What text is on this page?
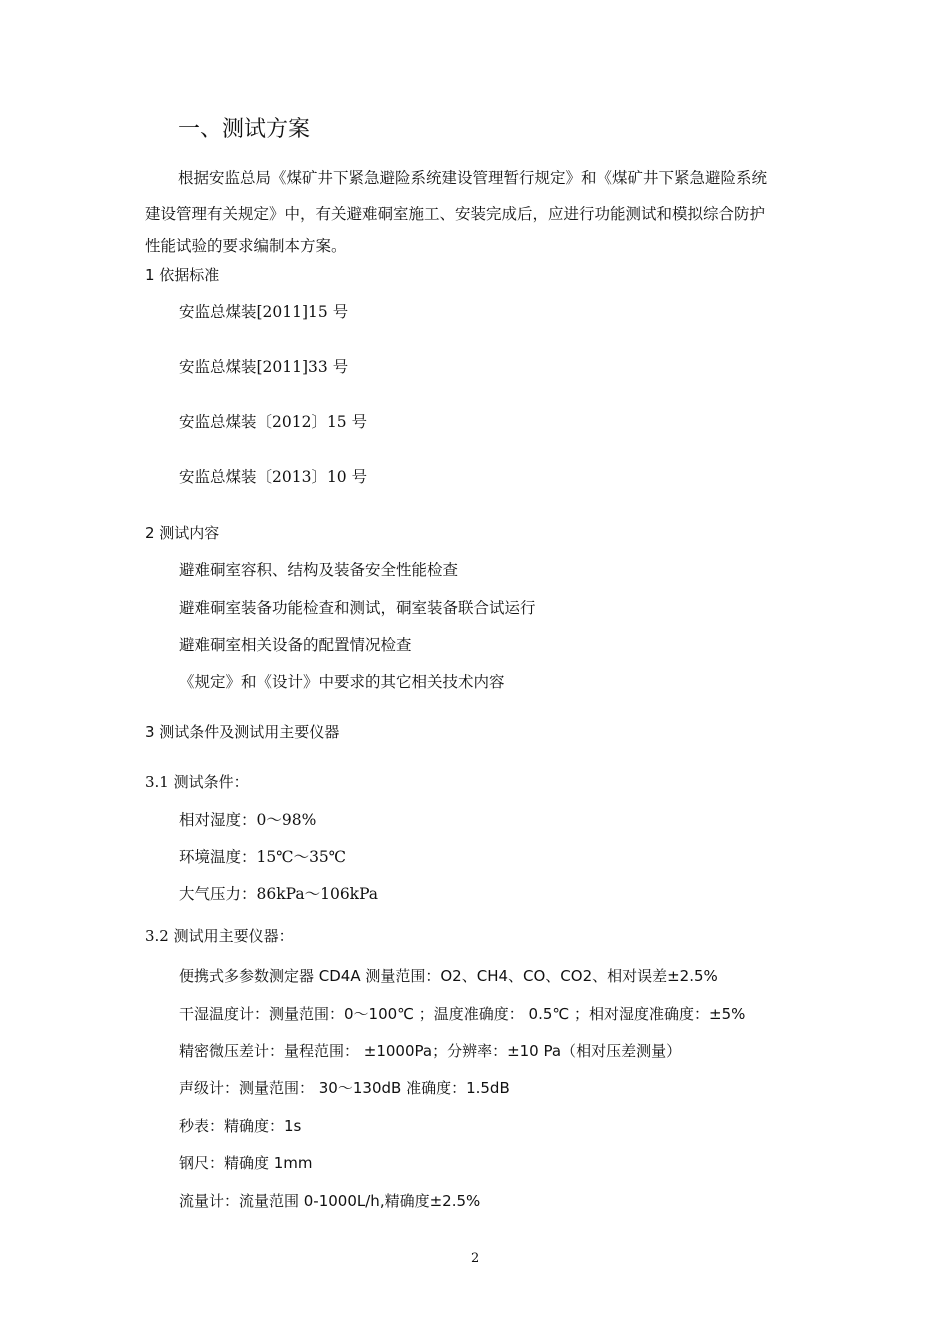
一、测试方案
根据安监总局《煤矿井下紧急避险系统建设管理暂行规定》和《煤矿井下紧急避险系统
建设管理有关规定》中，有关避难硐室施工、安装完成后，应进行功能测试和模拟综合防护
性能试验的要求编制本方案。
1 依据标准
安监总煤装[2011]15 号
安监总煤装[2011]33 号
安监总煤装〔2012〕15 号
安监总煤装〔2013〕10 号
2 测试内容
避难硐室容积、结构及装备安全性能检查
避难硐室装备功能检查和测试，硐室装备联合试运行
避难硐室相关设备的配置情况检查
《规定》和《设计》中要求的其它相关技术内容
3 测试条件及测试用主要仪器
3.1 测试条件：
相对湿度：0～98%
环境温度：15℃～35℃
大气压力：86kPa～106kPa
3.2 测试用主要仪器：
便携式多参数测定器 CD4A 测量范围：O2、CH4、CO、CO2、相对误差±2.5%
干湿温度计：测量范围：0～100℃ ；温度准确度： 0.5℃ ；相对湿度准确度：±5%
精密微压差计：量程范围： ±1000Pa；分辨率：±10 Pa（相对压差测量）
声级计：测量范围： 30～130dB 准确度：1.5dB
秒表：精确度：1s
钢尺：精确度 1mm
流量计：流量范围 0-1000L/h,精确度±2.5%
2
